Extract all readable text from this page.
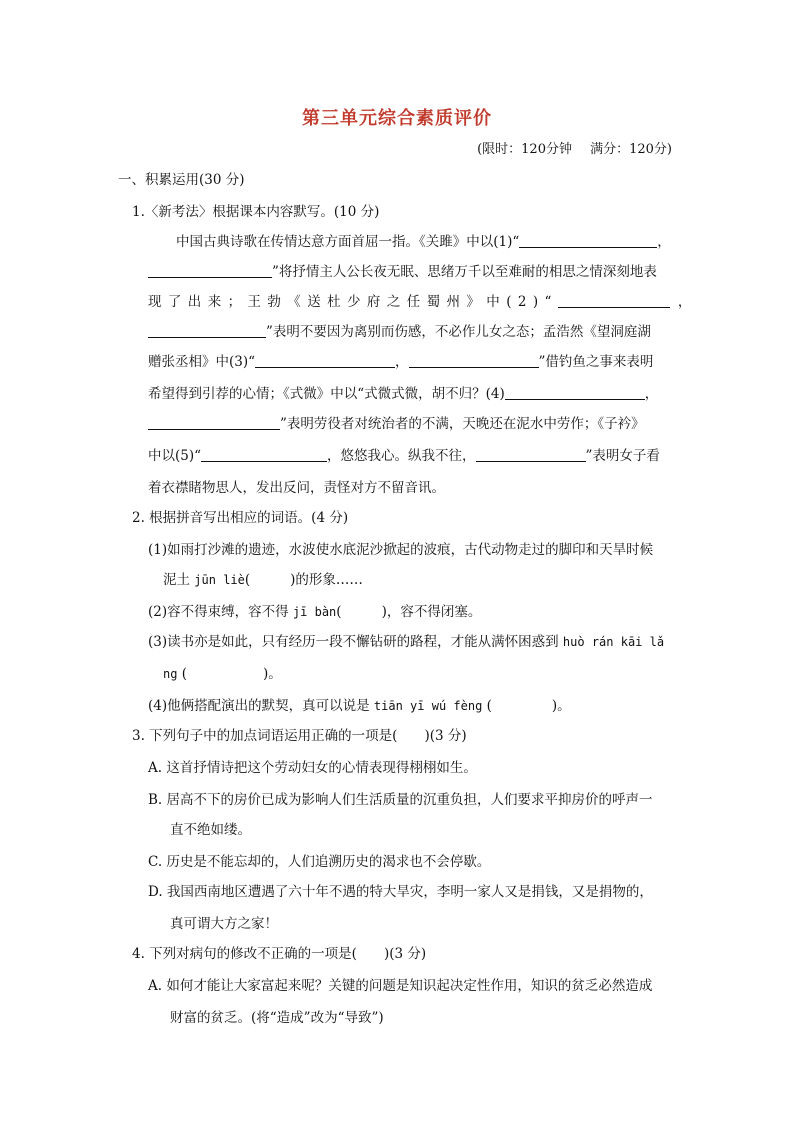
第三单元综合素质评价
(限时：120分钟 满分：120分)
一、积累运用(30 分)
1.〈新考法〉根据课本内容默写。(10 分)
中国古典诗歌在传情达意方面首屈一指。《关雎》中以(1)“	，
”将抒情主人公长夜无眠、思绪万千以至难耐的相思之情深刻地表
现了出来；王勃《送杜少府之任蜀州》中(2)“	，
”表明不要因为离别而伤感，不必作儿女之态；孟浩然《望洞庭湖
赠张丞相》中(3)“	，	”借钓鱼之事来表明
希望得到引荐的心情；《式微》中以“式微式微，胡不归？(4)	，
”表明劳役者对统治者的不满，天晚还在泥水中劳作；《子衿》
中以(5)“	，悠悠我心。纵我不往，	”表明女子看
着衣襟睹物思人，发出反问，责怪对方不留音讯。
2. 根据拼音写出相应的词语。(4 分)
(1)如雨打沙滩的遗迹，水波使水底泥沙掀起的波痕，古代动物走过的脚印和天旱时候
泥土 jūn liè(	)的形象……
(2)容不得束缚，容不得 jī bàn(	)，容不得闭塞。
(3)读书亦是如此，只有经历一段不懈钻研的路程，才能从满怀困惑到 huò rán kāi lǎ
ng (	)。
(4)他俩搭配演出的默契，真可以说是 tiān yī wú fèng (	)。
3. 下列句子中的加点词语运用正确的一项是(　　)(3 分)
A. 这首抒情诗把这个劳动妇女的心情表现得栩栩如生。
B. 居高不下的房价已成为影响人们生活质量的沉重负担，人们要求平抑房价的呼声一
直不绝如缕。
C. 历史是不能忘却的，人们追溯历史的渴求也不会停歇。
D. 我国西南地区遭遇了六十年不遇的特大旱灾，李明一家人又是捐钱，又是捐物的，
真可谓大方之家！
4. 下列对病句的修改不正确的一项是(　　)(3 分)
A. 如何才能让大家富起来呢？关键的问题是知识起决定性作用，知识的贫乏必然造成
财富的贫乏。(将“造成”改为“导致”)
